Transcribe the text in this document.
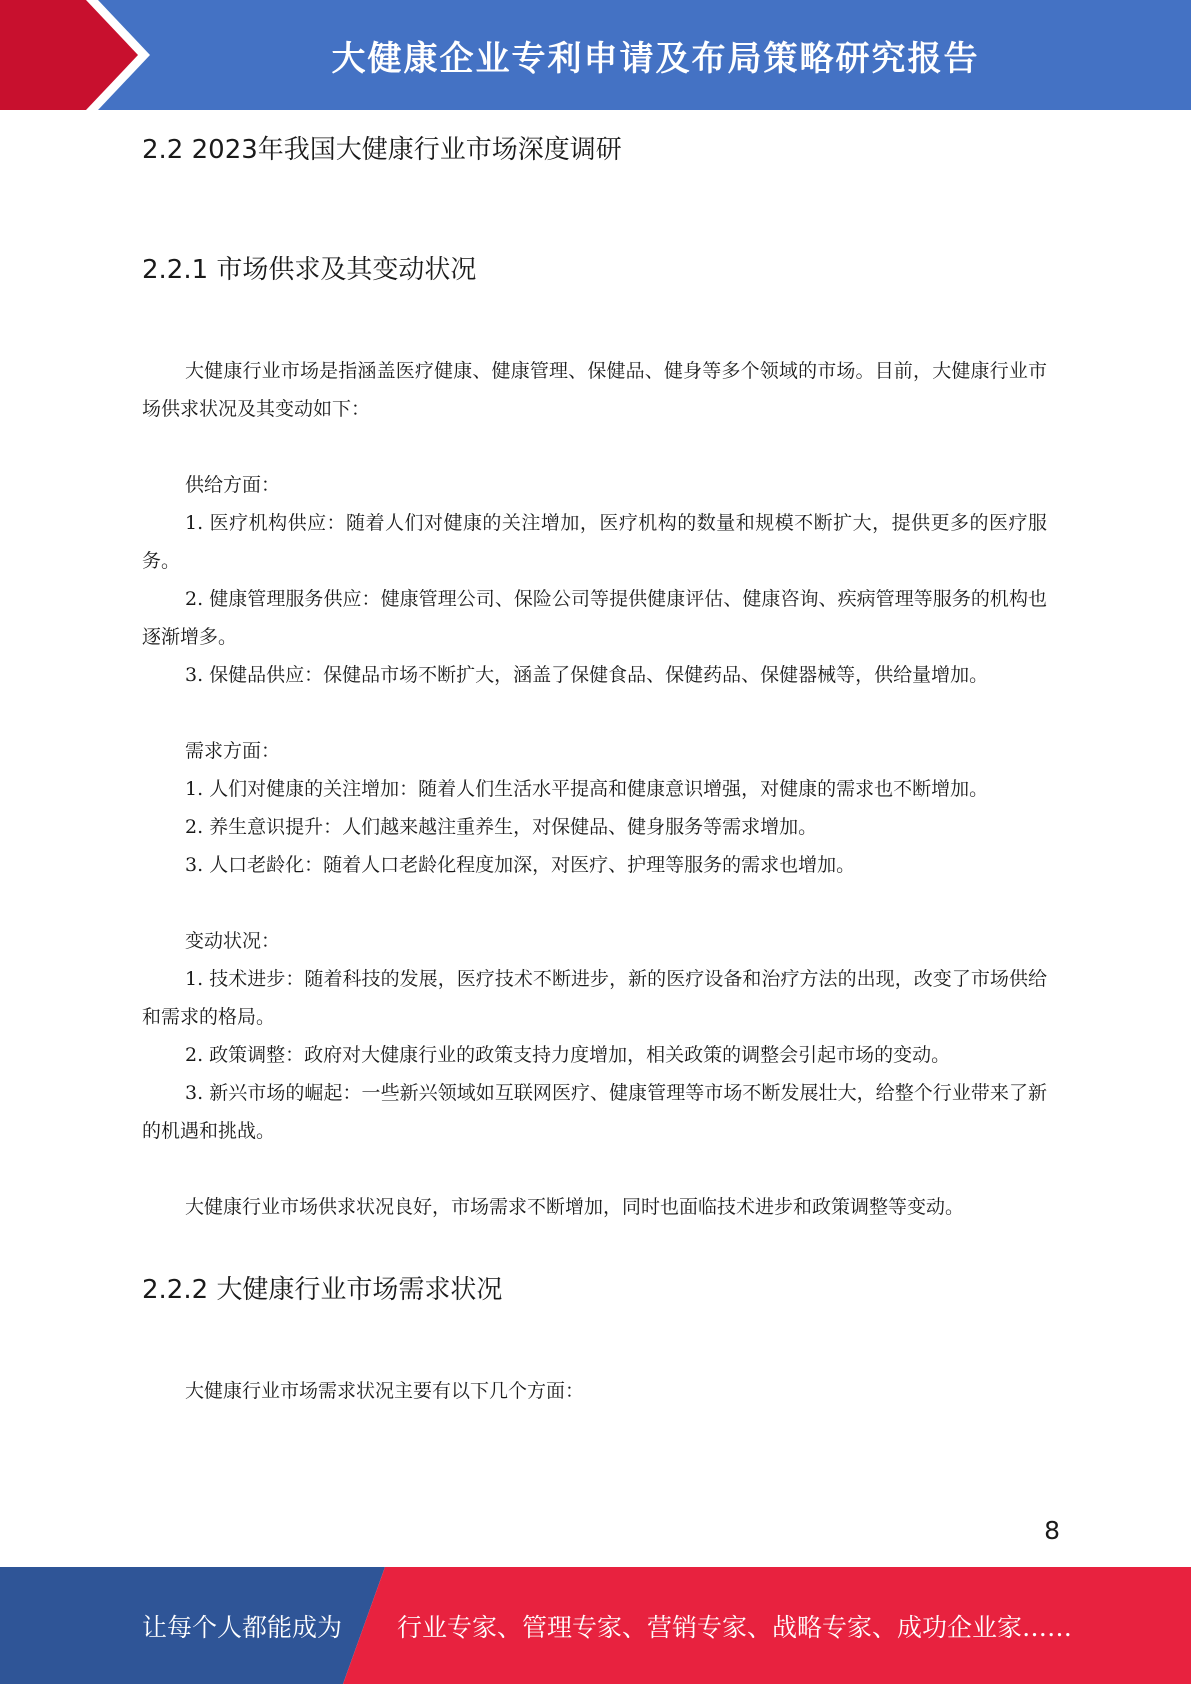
大健康企业专利申请及布局策略研究报告
2.2 2023年我国大健康行业市场深度调研
2.2.1 市场供求及其变动状况

大健康行业市场是指涵盖医疗健康、健康管理、保健品、健身等多个领域的市场。目前，大健康行业市场供求状况及其变动如下：

供给方面：

1. 医疗机构供应：随着人们对健康的关注增加，医疗机构的数量和规模不断扩大，提供更多的医疗服务。

2. 健康管理服务供应：健康管理公司、保险公司等提供健康评估、健康咨询、疾病管理等服务的机构也逐渐增多。

3. 保健品供应：保健品市场不断扩大，涵盖了保健食品、保健药品、保健器械等，供给量增加。

需求方面：

1. 人们对健康的关注增加：随着人们生活水平提高和健康意识增强，对健康的需求也不断增加。

2. 养生意识提升：人们越来越注重养生，对保健品、健身服务等需求增加。

3. 人口老龄化：随着人口老龄化程度加深，对医疗、护理等服务的需求也增加。

变动状况：

1. 技术进步：随着科技的发展，医疗技术不断进步，新的医疗设备和治疗方法的出现，改变了市场供给和需求的格局。

2. 政策调整：政府对大健康行业的政策支持力度增加，相关政策的调整会引起市场的变动。

3. 新兴市场的崛起：一些新兴领域如互联网医疗、健康管理等市场不断发展壮大，给整个行业带来了新的机遇和挑战。

大健康行业市场供求状况良好，市场需求不断增加，同时也面临技术进步和政策调整等变动。

2.2.2 大健康行业市场需求状况

大健康行业市场需求状况主要有以下几个方面：

8
让每个人都能成为 行业专家、管理专家、营销专家、战略专家、成功企业家……
